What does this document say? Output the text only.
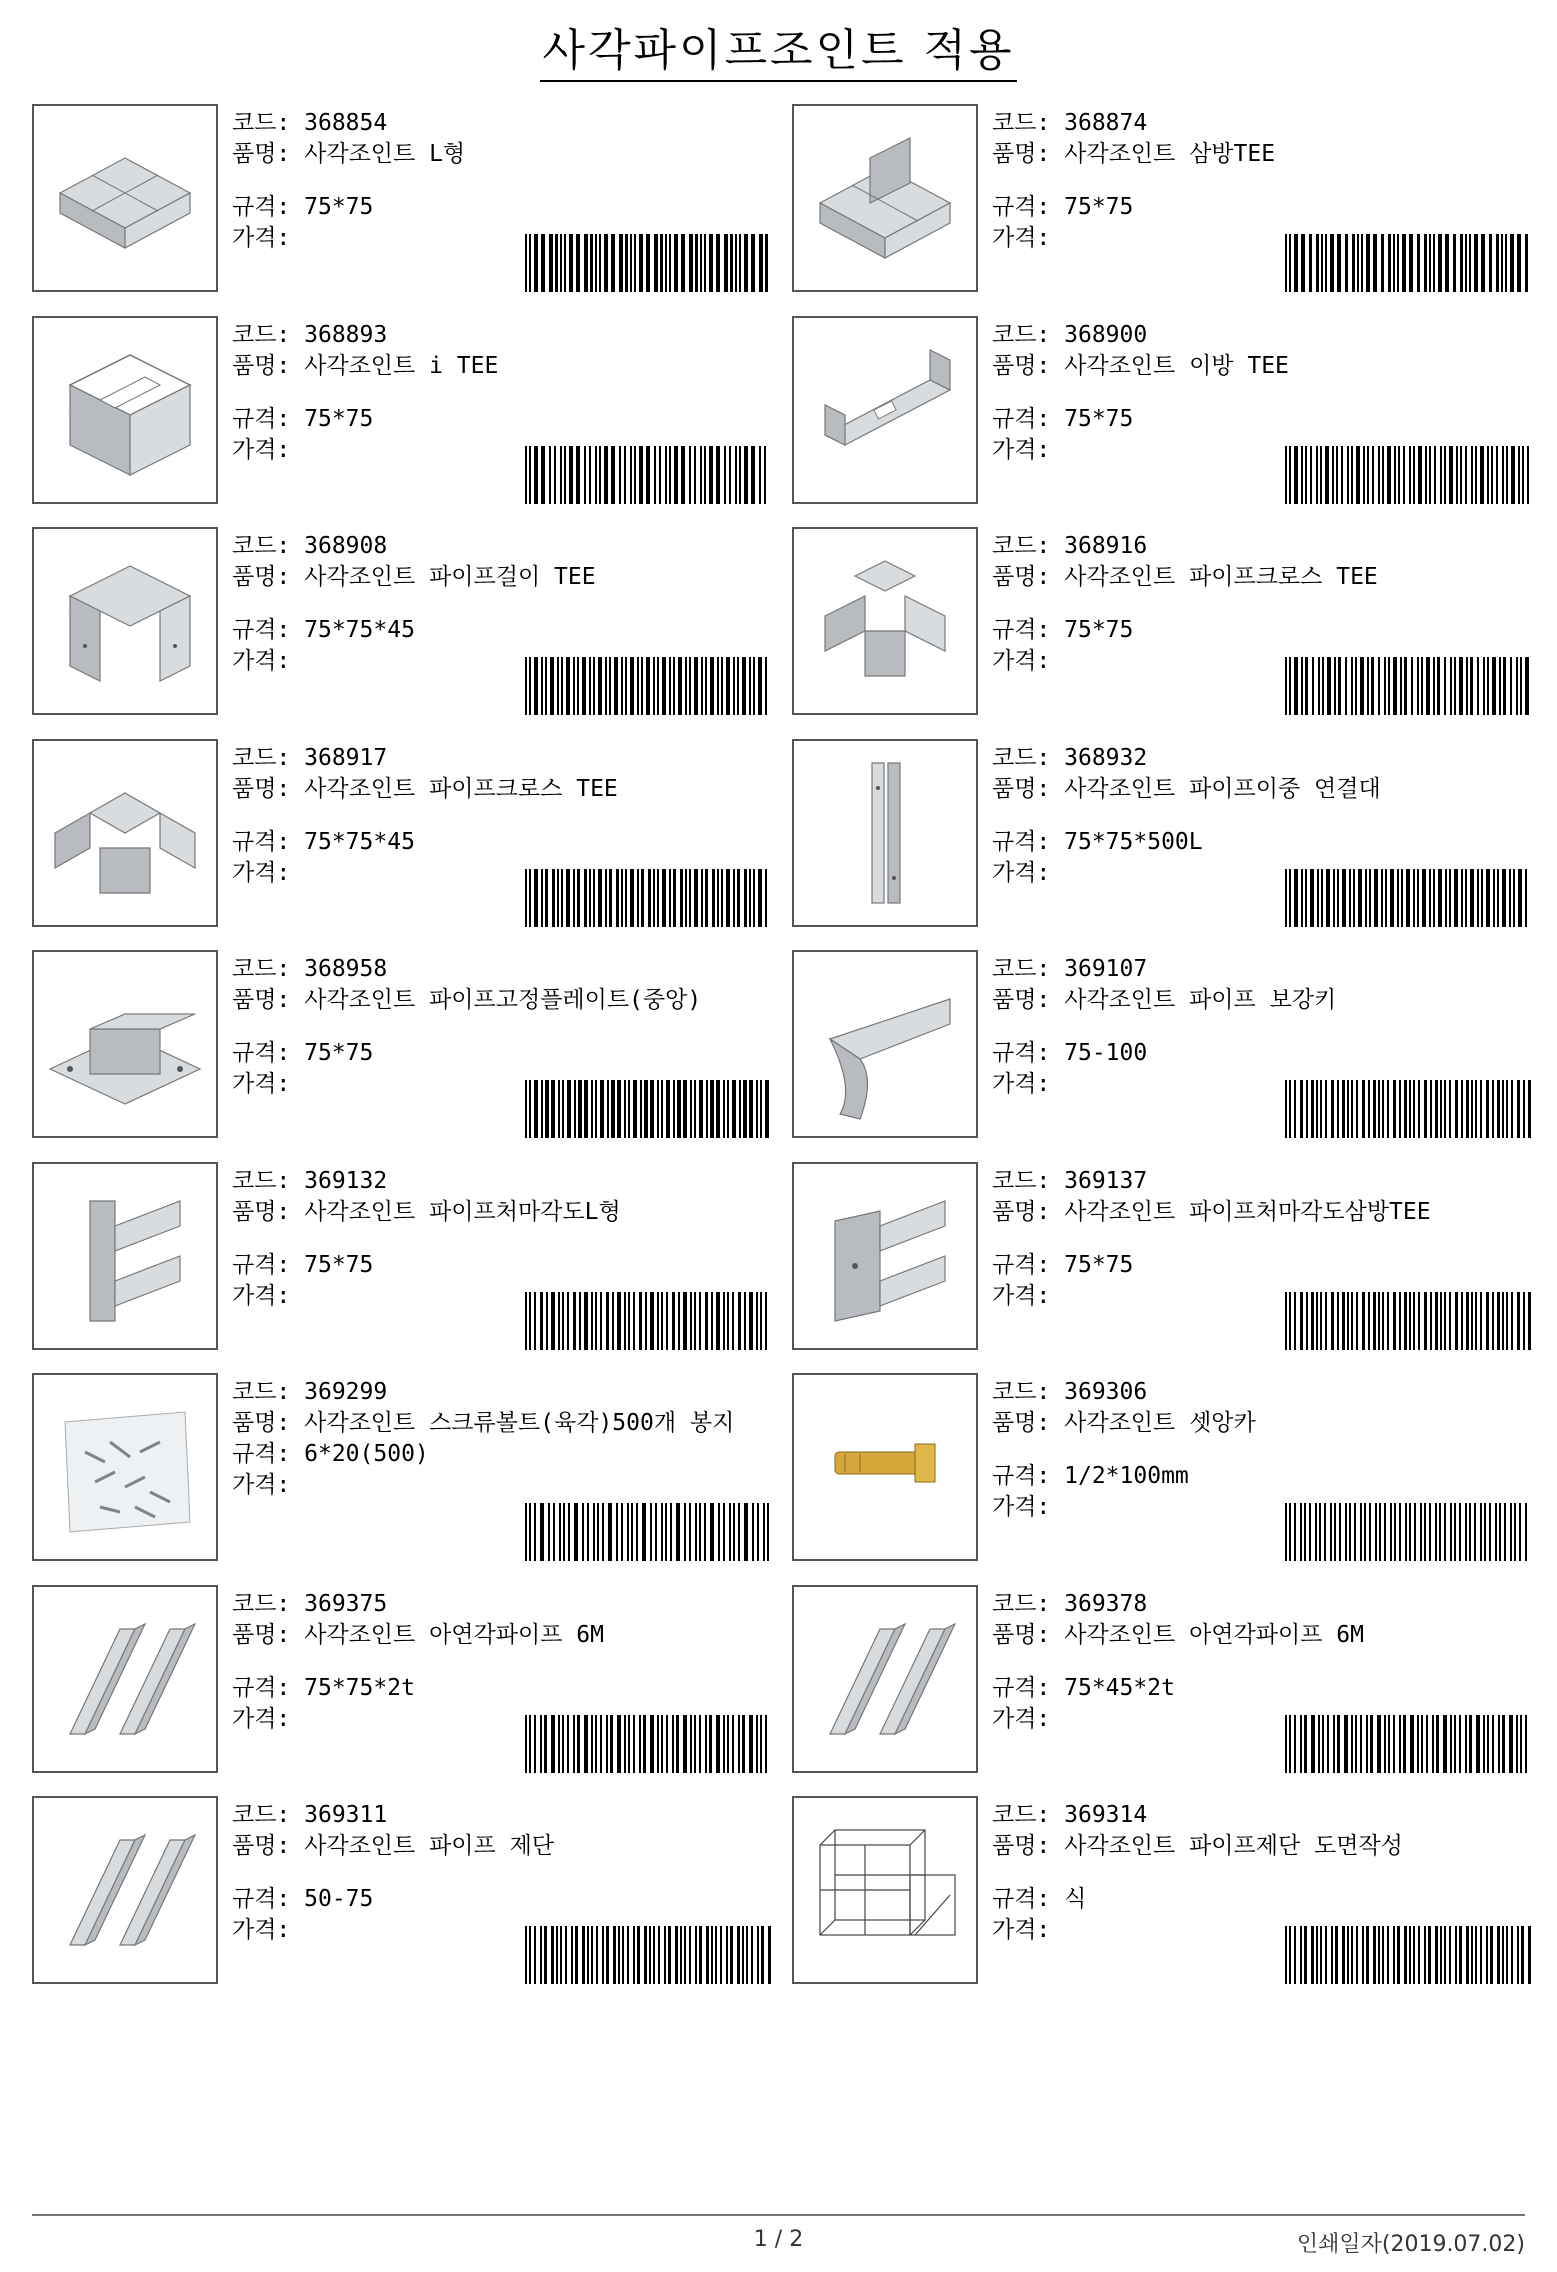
사각파이프조인트 적용
코드: 368854
품명: 사각조인트 L형
규격: 75*75
가격:
코드: 368874
품명: 사각조인트 삼방TEE
규격: 75*75
가격:
코드: 368893
품명: 사각조인트 i TEE
규격: 75*75
가격:
코드: 368900
품명: 사각조인트 이방 TEE
규격: 75*75
가격:
코드: 368908
품명: 사각조인트 파이프걸이 TEE
규격: 75*75*45
가격:
코드: 368916
품명: 사각조인트 파이프크로스 TEE
규격: 75*75
가격:
코드: 368917
품명: 사각조인트 파이프크로스 TEE
규격: 75*75*45
가격:
코드: 368932
품명: 사각조인트 파이프이중 연결대
규격: 75*75*500L
가격:
코드: 368958
품명: 사각조인트 파이프고정플레이트(중앙)
규격: 75*75
가격:
코드: 369107
품명: 사각조인트 파이프 보강키
규격: 75-100
가격:
코드: 369132
품명: 사각조인트 파이프처마각도L형
규격: 75*75
가격:
코드: 369137
품명: 사각조인트 파이프처마각도삼방TEE
규격: 75*75
가격:
코드: 369299
품명: 사각조인트 스크류볼트(육각)500개 봉지
규격: 6*20(500)
가격:
코드: 369306
품명: 사각조인트 셋앙카
규격: 1/2*100mm
가격:
코드: 369375
품명: 사각조인트 아연각파이프 6M
규격: 75*75*2t
가격:
코드: 369378
품명: 사각조인트 아연각파이프 6M
규격: 75*45*2t
가격:
코드: 369311
품명: 사각조인트 파이프 제단
규격: 50-75
가격:
코드: 369314
품명: 사각조인트 파이프제단 도면작성
규격: 식
가격:
1 / 2	인쇄일자(2019.07.02)
